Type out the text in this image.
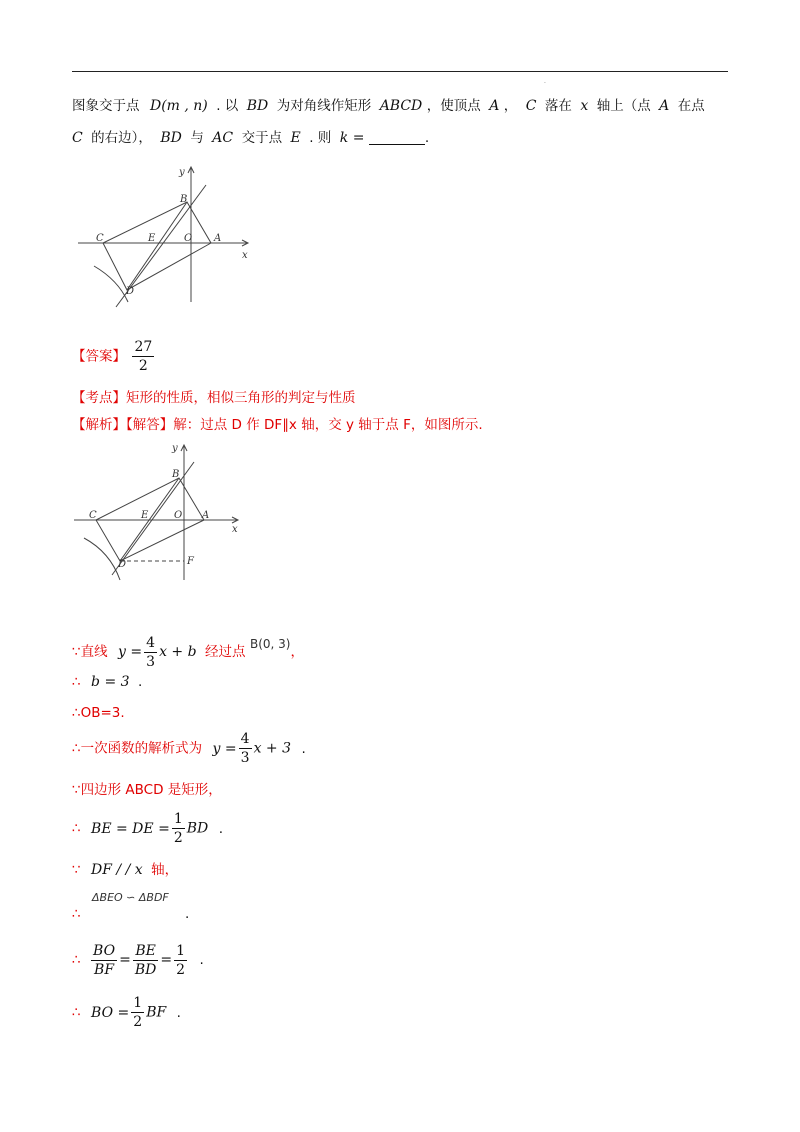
·
图象交于点 D(m , n) . 以 BD 为对角线作矩形 ABCD ，使顶点 A ， C 落在 x 轴上（点 A 在点
C 的右边）， BD 与 AC 交于点 E . 则 k =	.
y
B
C	E	O A
x
D
【答案】 $\frac{27}{2}$
【考点】矩形的性质，相似三角形的判定与性质
【解析】【解答】解：过点 D 作 DF∥x 轴，交 y 轴于点 F，如图所示.
y
B
C	E	O A
x
D	F
∵直线 $y = \frac{4}{3}$ x + b 经过点 B(0, 3)，
∴ b = 3 .
∴OB=3.
∴一次函数的解析式为 $y = \frac{4}{3}$ x + 3 .
∵四边形 ABCD 是矩形，
∴ BE = DE = $\frac{1}{2}$ BD .
∵ DF / / x 轴，
ΔBEO ∽ ΔBDF
∴	.
∴ $\frac{BO}{BF} = \frac{BE}{BD} = \frac{1}{2}$ .
∴ BO = $\frac{1}{2}$ BF .
